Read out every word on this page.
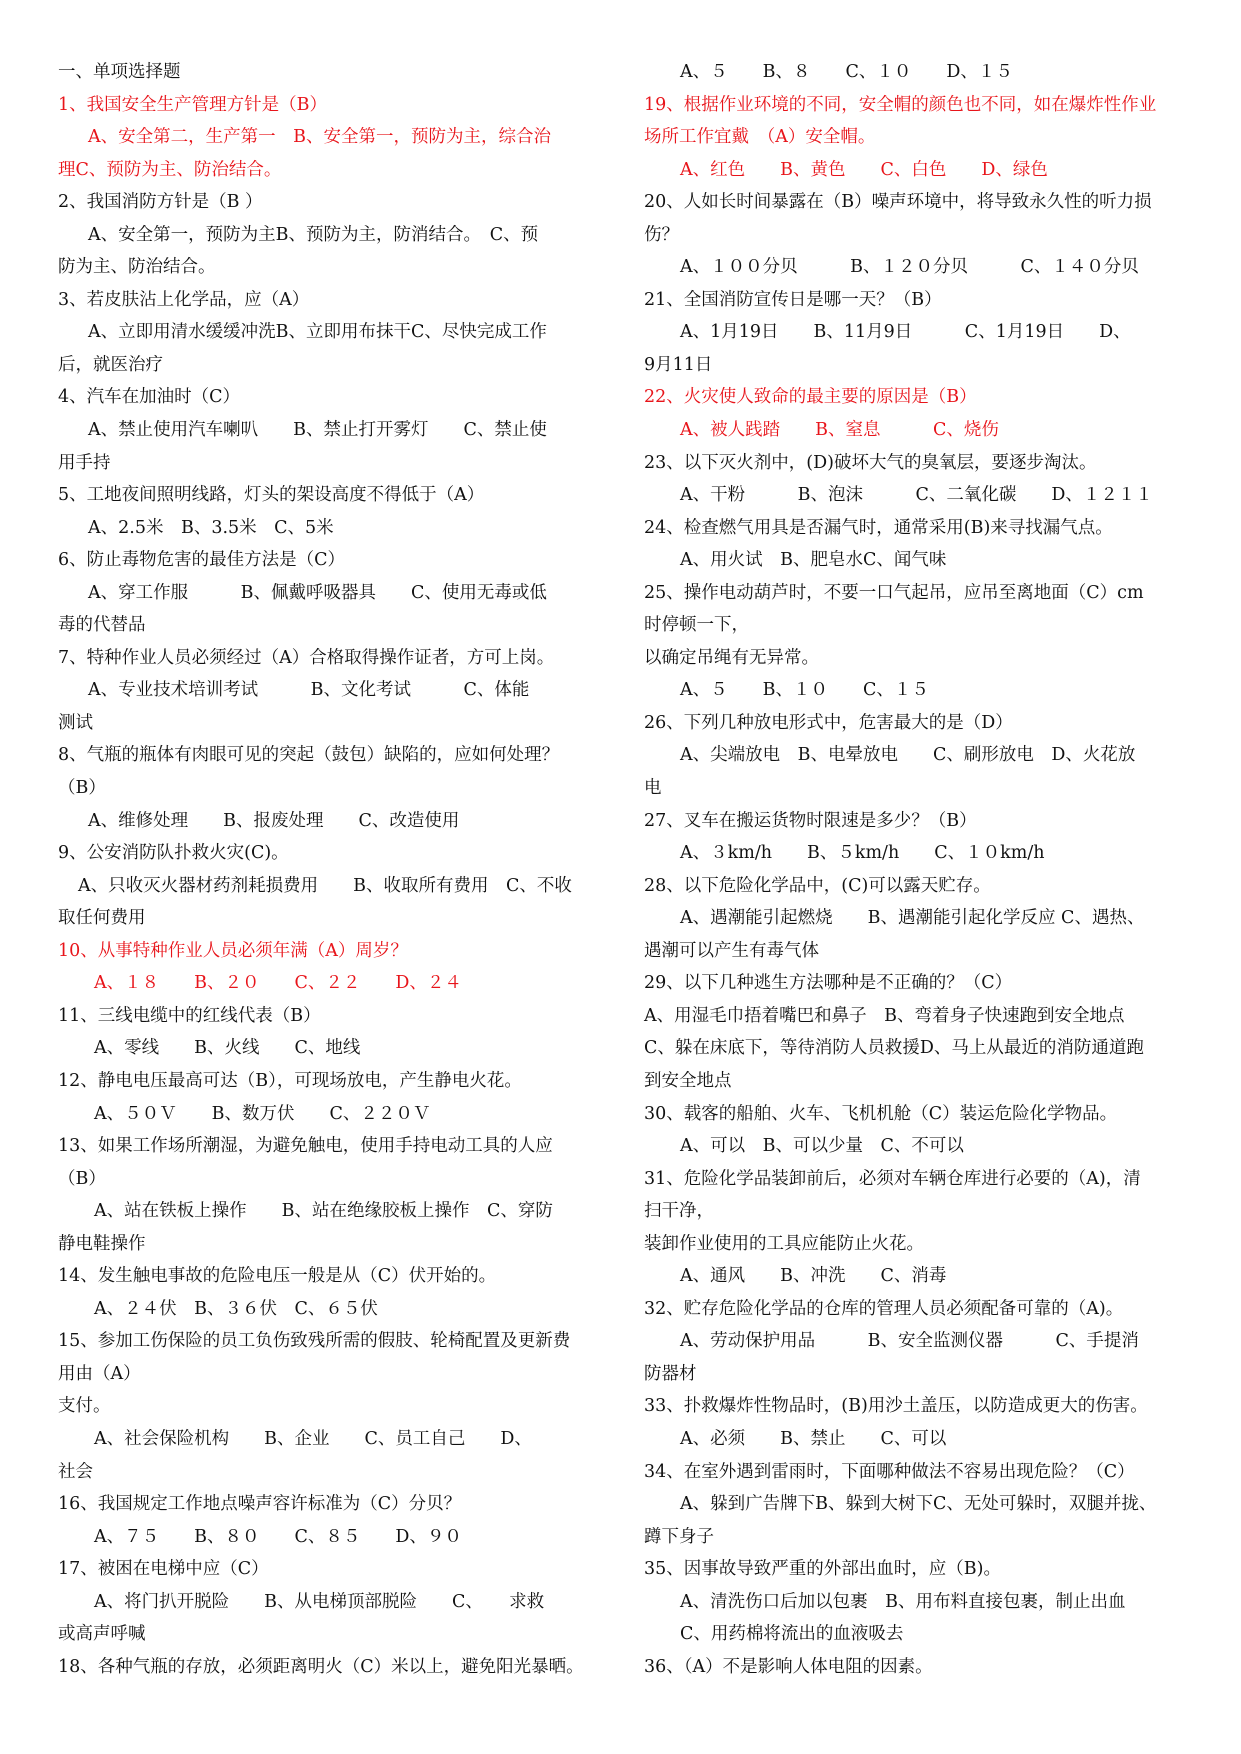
一、单项选择题
1、我国安全生产管理方针是（B）
A、安全第二，生产第一　B、安全第一，预防为主，综合治
理C、预防为主、防治结合。
2、我国消防方针是（B ）
A、安全第一，预防为主B、预防为主，防消结合。　C、预
防为主、防治结合。
3、若皮肤沾上化学品，应（A）
A、立即用清水缓缓冲洗B、立即用布抹干C、尽快完成工作
后，就医治疗
4、汽车在加油时（C）
A、禁止使用汽车喇叭　　B、禁止打开雾灯　　C、禁止使
用手持
5、工地夜间照明线路，灯头的架设高度不得低于（A）
A、2.5米　B、3.5米　C、5米
6、防止毒物危害的最佳方法是（C）
A、穿工作服　　　B、佩戴呼吸器具　　C、使用无毒或低
毒的代替品
7、特种作业人员必须经过（A）合格取得操作证者，方可上岗。
A、专业技术培训考试　　　B、文化考试　　　C、体能
测试
8、气瓶的瓶体有肉眼可见的突起（鼓包）缺陷的，应如何处理？
（B）
A、维修处理　　B、报废处理　　C、改造使用
9、公安消防队扑救火灾(C)。
A、只收灭火器材药剂耗损费用　　B、收取所有费用　C、不收
取任何费用
10、从事特种作业人员必须年满（A）周岁？
A、１８　　B、２０　　C、２２　　D、２４
11、三线电缆中的红线代表（B）
A、零线　　B、火线　　C、地线
12、静电电压最高可达（B），可现场放电，产生静电火花。
A、５０Ｖ　　B、数万伏　　C、２２０Ｖ
13、如果工作场所潮湿，为避免触电，使用手持电动工具的人应
（B）
A、站在铁板上操作　　B、站在绝缘胶板上操作　C、穿防
静电鞋操作
14、发生触电事故的危险电压一般是从（C）伏开始的。
A、２４伏　B、３６伏　C、６５伏
15、参加工伤保险的员工负伤致残所需的假肢、轮椅配置及更新费
用由（A）
支付。
A、社会保险机构　　B、企业　　C、员工自己　　D、
社会
16、我国规定工作地点噪声容许标准为（C）分贝？
A、７５　　B、８０　　C、８５　　D、９０
17、被困在电梯中应（C）
A、将门扒开脱险　　B、从电梯顶部脱险　　C、　　求救
或高声呼喊
18、各种气瓶的存放，必须距离明火（C）米以上，避免阳光暴晒。
A、５　　B、８　　C、１０　　D、１５
19、根据作业环境的不同，安全帽的颜色也不同，如在爆炸性作业
场所工作宜戴　（A）安全帽。
A、红色　　B、黄色　　C、白色　　D、绿色
20、人如长时间暴露在（B）噪声环境中，将导致永久性的听力损
伤？
A、１００分贝　　　B、１２０分贝　　　C、１４０分贝
21、全国消防宣传日是哪一天？（B）
A、1月19日　　B、11月9日　　　C、1月19日　　D、
9月11日
22、火灾使人致命的最主要的原因是（B）
A、被人践踏　　B、窒息　　　C、烧伤
23、以下灭火剂中，(D)破坏大气的臭氧层，要逐步淘汰。
A、干粉　　　B、泡沫　　　C、二氧化碳　　D、１２１１
24、检查燃气用具是否漏气时，通常采用(B)来寻找漏气点。
A、用火试　B、肥皂水C、闻气味
25、操作电动葫芦时，不要一口气起吊，应吊至离地面（C）cm
时停顿一下，
以确定吊绳有无异常。
A、５　　B、１０　　C、１５
26、下列几种放电形式中，危害最大的是（D）
A、尖端放电　B、电晕放电　　C、刷形放电　D、火花放
电
27、叉车在搬运货物时限速是多少？（B）
A、３km/h　　B、５km/h　　C、１０km/h
28、以下危险化学品中，(C)可以露天贮存。
A、遇潮能引起燃烧　　B、遇潮能引起化学反应 C、遇热、
遇潮可以产生有毒气体
29、以下几种逃生方法哪种是不正确的？（C）
A、用湿毛巾捂着嘴巴和鼻子　B、弯着身子快速跑到安全地点
C、躲在床底下，等待消防人员救援D、马上从最近的消防通道跑
到安全地点
30、载客的船舶、火车、飞机机舱（C）装运危险化学物品。
A、可以　B、可以少量　C、不可以
31、危险化学品装卸前后，必须对车辆仓库进行必要的（A)，清
扫干净，
装卸作业使用的工具应能防止火花。
A、通风　　B、冲洗　　C、消毒
32、贮存危险化学品的仓库的管理人员必须配备可靠的（A)。
A、劳动保护用品　　　B、安全监测仪器　　　C、手提消
防器材
33、扑救爆炸性物品时，(B)用沙土盖压，以防造成更大的伤害。
A、必须　　B、禁止　　C、可以
34、在室外遇到雷雨时，下面哪种做法不容易出现危险？（C）
A、躲到广告牌下B、躲到大树下C、无处可躲时，双腿并拢、
蹲下身子
35、因事故导致严重的外部出血时，应（B)。
A、清洗伤口后加以包裹　B、用布料直接包裹，制止出血
C、用药棉将流出的血液吸去
36、（A）不是影响人体电阻的因素。
